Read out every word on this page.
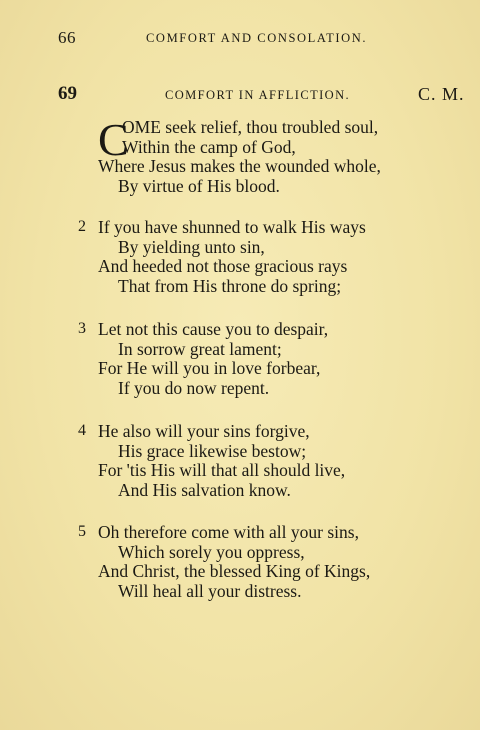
66	COMFORT AND CONSOLATION.
69	COMFORT IN AFFLICTION.	C. M.
C
OME seek relief, thou troubled soul,
Within the camp of God,
Where Jesus makes the wounded whole,
By virtue of His blood.
2 If you have shunned to walk His ways
By yielding unto sin,
And heeded not those gracious rays
That from His throne do spring;
3 Let not this cause you to despair,
In sorrow great lament;
For He will you in love forbear,
If you do now repent.
4 He also will your sins forgive,
His grace likewise bestow;
For 'tis His will that all should live,
And His salvation know.
5 Oh therefore come with all your sins,
Which sorely you oppress,
And Christ, the blessed King of Kings,
Will heal all your distress.
